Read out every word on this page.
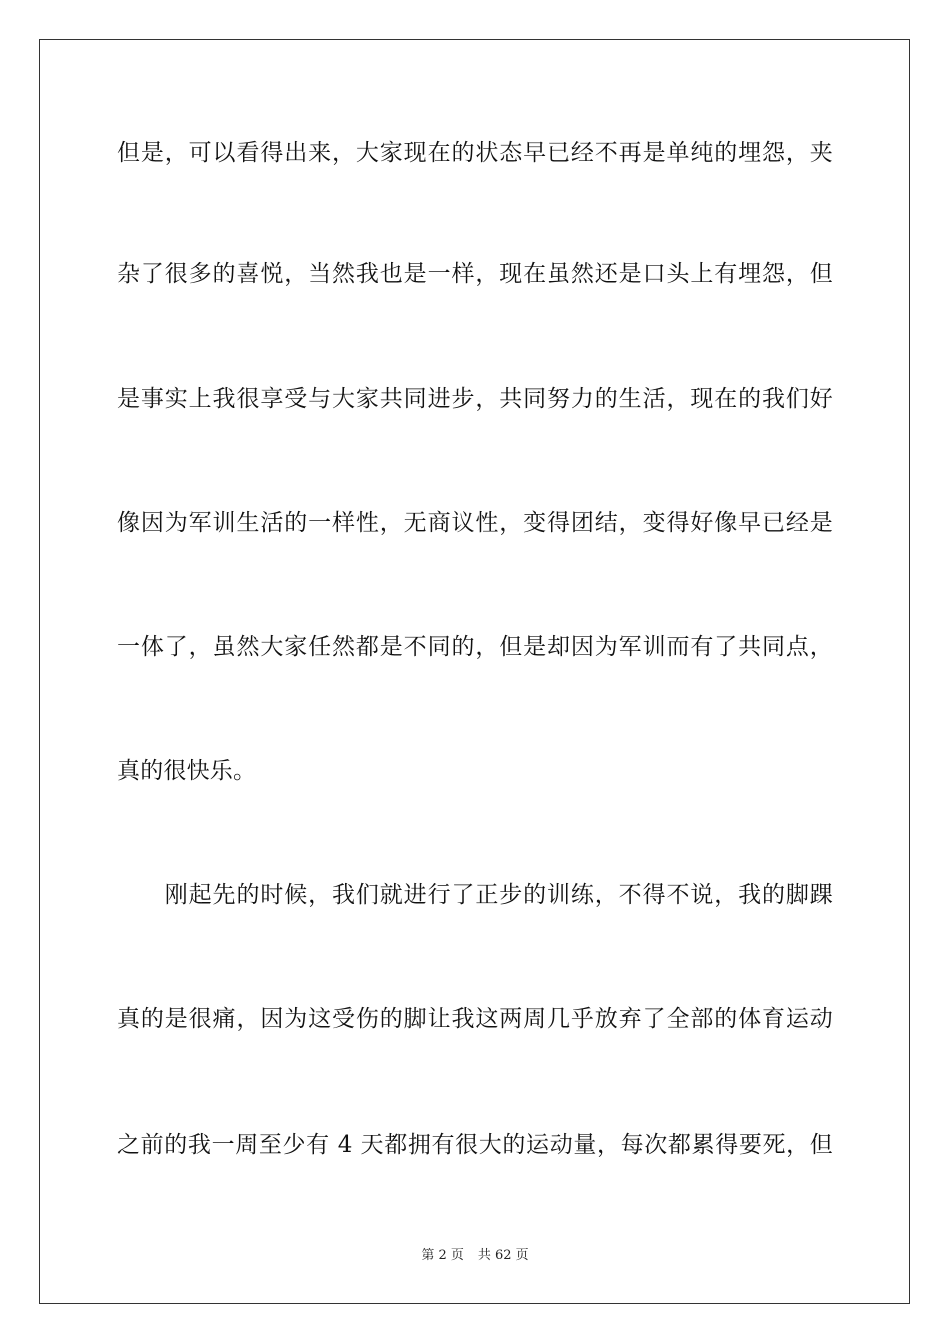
但是，可以看得出来，大家现在的状态早已经不再是单纯的埋怨，夹
杂了很多的喜悦，当然我也是一样，现在虽然还是口头上有埋怨，但
是事实上我很享受与大家共同进步，共同努力的生活，现在的我们好
像因为军训生活的一样性，无商议性，变得团结，变得好像早已经是
一体了，虽然大家任然都是不同的，但是却因为军训而有了共同点，
真的很快乐。
　　刚起先的时候，我们就进行了正步的训练，不得不说，我的脚踝
真的是很痛，因为这受伤的脚让我这两周几乎放弃了全部的体育运动
之前的我一周至少有 4 天都拥有很大的运动量，每次都累得要死，但
第 2 页 共 62 页
